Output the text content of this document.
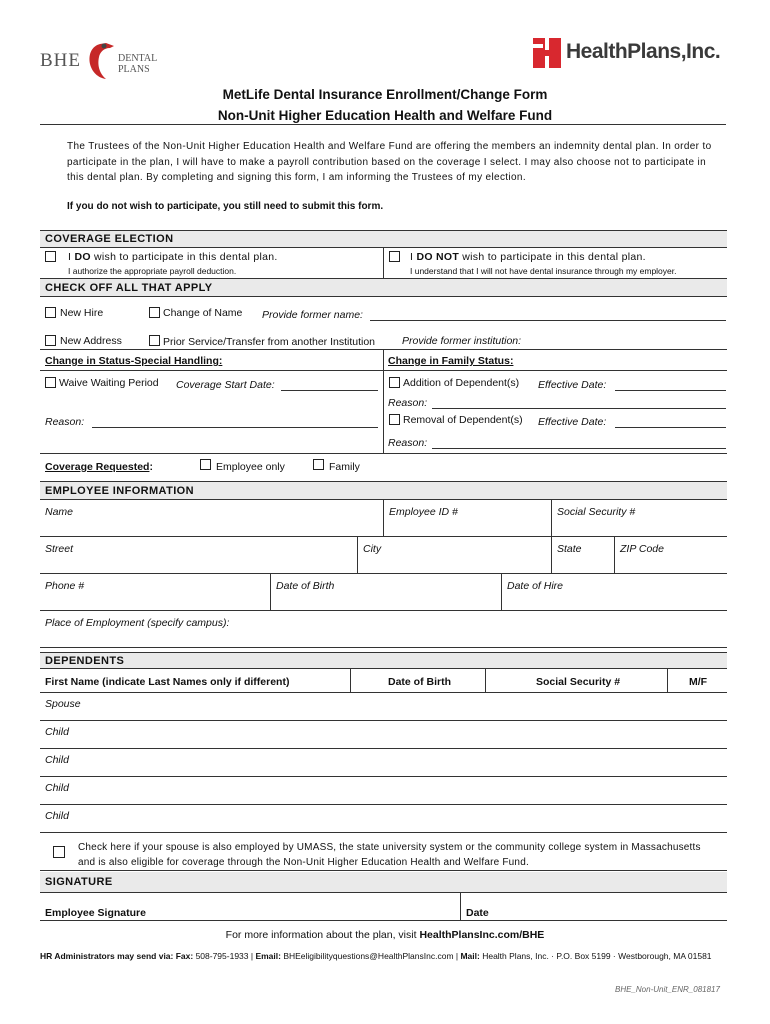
BHE	DENTAL
PLANS
HealthPlans,Inc.
MetLife Dental Insurance Enrollment/Change Form
Non-Unit Higher Education Health and Welfare Fund
The Trustees of the Non-Unit Higher Education Health and Welfare Fund are offering the members an indemnity dental plan. In order to
participate in the plan, I will have to make a payroll contribution based on the coverage I select. I may also choose not to participate in
this dental plan. By completing and signing this form, I am informing the Trustees of my election.
If you do not wish to participate, you still need to submit this form.
COVERAGE ELECTION
I DO wish to participate in this dental plan.
I authorize the appropriate payroll deduction.
I DO NOT wish to participate in this dental plan.
I understand that I will not have dental insurance through my employer.
CHECK OFF ALL THAT APPLY
New Hire	Change of Name Provide former name:
New Address	Prior Service/Transfer from another Institution	Provide former institution:
Change in Status-Special Handling:	Change in Family Status:
Waive Waiting Period Coverage Start Date:	Addition of Dependent(s) Effective Date:
Reason:
Reason:	Removal of Dependent(s) Effective Date:
Reason:
Coverage Requested:	Employee only	Family
EMPLOYEE INFORMATION
Name	Employee ID #	Social Security #
Street	City	State	ZIP Code
Phone #	Date of Birth	Date of Hire
Place of Employment (specify campus):
DEPENDENTS
First Name (indicate Last Names only if different)	Date of Birth	Social Security #	M/F
Spouse
Child
Child
Child
Child
Check here if your spouse is also employed by UMASS, the state university system or the community college system in Massachusetts
and is also eligible for coverage through the Non-Unit Higher Education Health and Welfare Fund.
SIGNATURE
Employee Signature	Date
For more information about the plan, visit HealthPlansInc.com/BHE
HR Administrators may send via: Fax: 508-795-1933 | Email: BHEeligibilityquestions@HealthPlansInc.com | Mail: Health Plans, Inc. · P.O. Box 5199 · Westborough, MA 01581
BHE_Non-Unit_ENR_081817
